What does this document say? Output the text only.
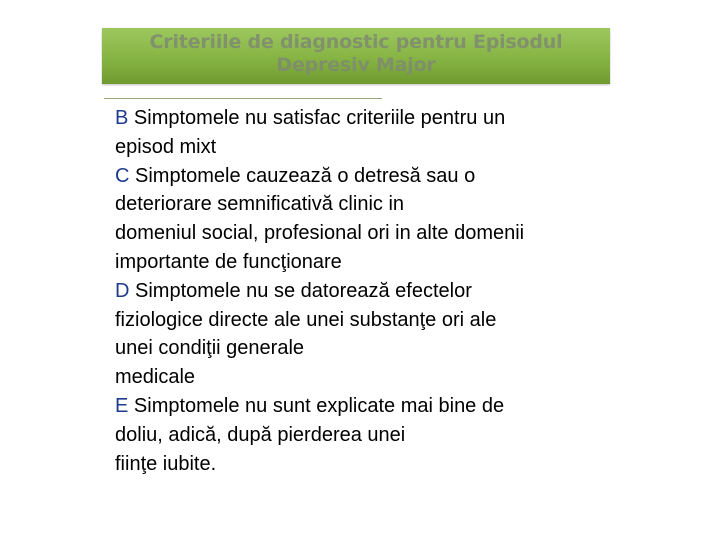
Criteriile de diagnostic pentru Episodul
Depresiv Major
B Simptomele nu satisfac criteriile pentru un
episod mixt
C Simptomele cauzează o detresă sau o
deteriorare semnificativă clinic in
domeniul social, profesional ori in alte domenii
importante de funcţionare
D Simptomele nu se datorează efectelor
fiziologice directe ale unei substanţe ori ale
unei condiţii generale
medicale
E Simptomele nu sunt explicate mai bine de
doliu, adică, după pierderea unei
fiinţe iubite.
